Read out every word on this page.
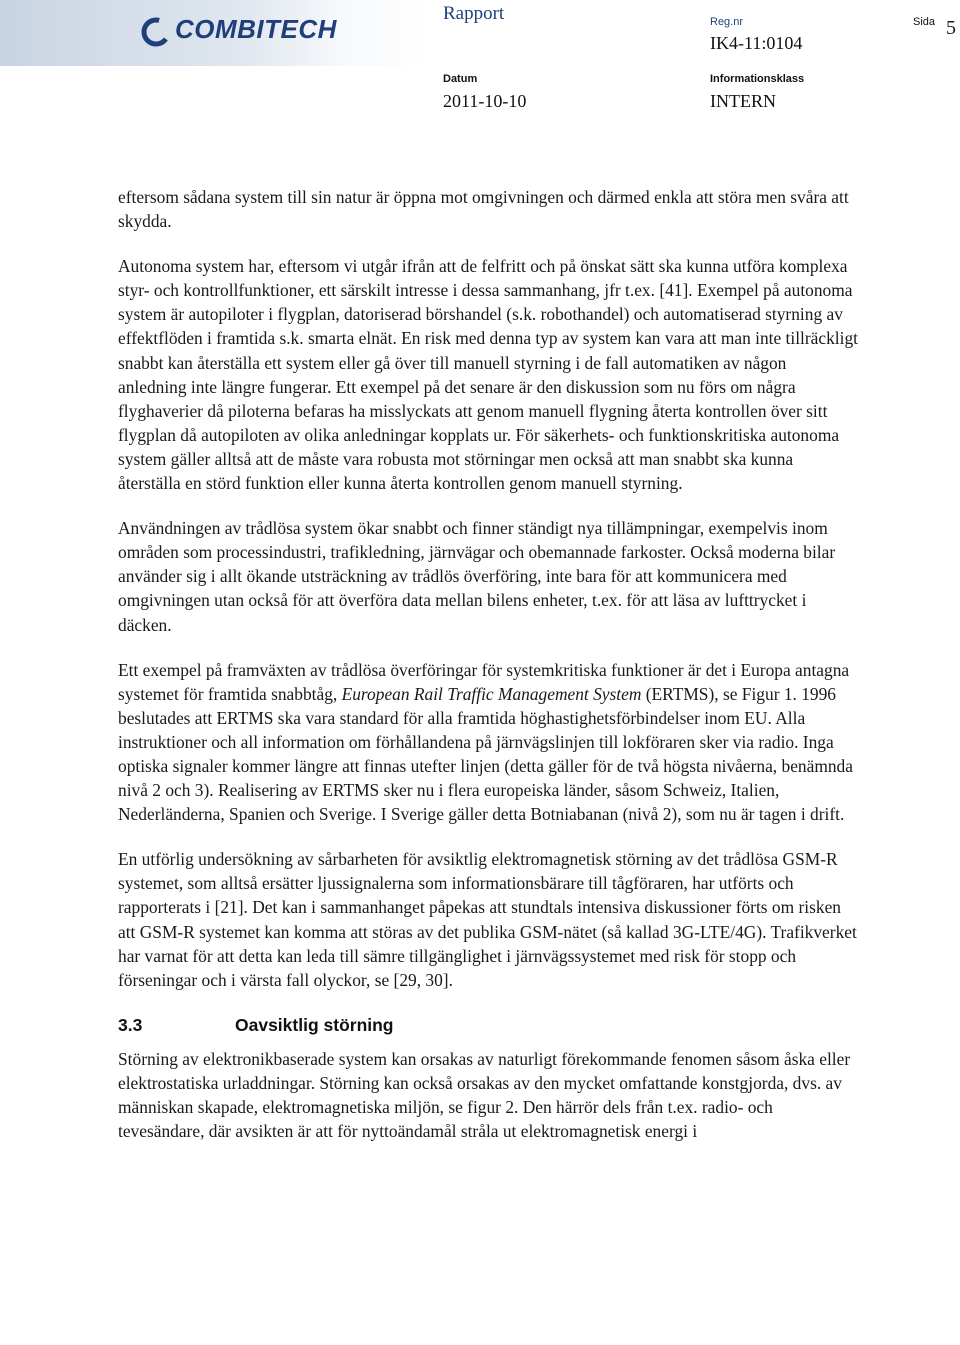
COMBITECH
Rapport	Reg.nr
IK4-11:0104
Sida 5
Datum
2011-10-10
Informationsklass
INTERN

eftersom sådana system till sin natur är öppna mot omgivningen och därmed enkla att störa men svåra att skydda.

Autonoma system har, eftersom vi utgår ifrån att de felfritt och på önskat sätt ska kunna utföra komplexa styr- och kontrollfunktioner, ett särskilt intresse i dessa sammanhang, jfr t.ex. [41]. Exempel på autonoma system är autopiloter i flygplan, datoriserad börshandel (s.k. robothandel) och automatiserad styrning av effektflöden i framtida s.k. smarta elnät. En risk med denna typ av system kan vara att man inte tillräckligt snabbt kan återställa ett system eller gå över till manuell styrning i de fall automatiken av någon anledning inte längre fungerar. Ett exempel på det senare är den diskussion som nu förs om några flyghaverier då piloterna befaras ha misslyckats att genom manuell flygning återta kontrollen över sitt flygplan då autopiloten av olika anledningar kopplats ur. För säkerhets- och funktionskritiska autonoma system gäller alltså att de måste vara robusta mot störningar men också att man snabbt ska kunna återställa en störd funktion eller kunna återta kontrollen genom manuell styrning.

Användningen av trådlösa system ökar snabbt och finner ständigt nya tillämpningar, exempelvis inom områden som processindustri, trafikledning, järnvägar och obemannade farkoster. Också moderna bilar använder sig i allt ökande utsträckning av trådlös överföring, inte bara för att kommunicera med omgivningen utan också för att överföra data mellan bilens enheter, t.ex. för att läsa av lufttrycket i däcken.

Ett exempel på framväxten av trådlösa överföringar för systemkritiska funktioner är det i Europa antagna systemet för framtida snabbtåg, European Rail Traffic Management System (ERTMS), se Figur 1. 1996 beslutades att ERTMS ska vara standard för alla framtida höghastighetsförbindelser inom EU. Alla instruktioner och all information om förhållandena på järnvägslinjen till lokföraren sker via radio. Inga optiska signaler kommer längre att finnas utefter linjen (detta gäller för de två högsta nivåerna, benämnda nivå 2 och 3). Realisering av ERTMS sker nu i flera europeiska länder, såsom Schweiz, Italien, Nederländerna, Spanien och Sverige. I Sverige gäller detta Botniabanan (nivå 2), som nu är tagen i drift.

En utförlig undersökning av sårbarheten för avsiktlig elektromagnetisk störning av det trådlösa GSM-R systemet, som alltså ersätter ljussignalerna som informationsbärare till tågföraren, har utförts och rapporterats i [21]. Det kan i sammanhanget påpekas att stundtals intensiva diskussioner förts om risken att GSM-R systemet kan komma att störas av det publika GSM-nätet (så kallad 3G-LTE/4G). Trafikverket har varnat för att detta kan leda till sämre tillgänglighet i järnvägssystemet med risk för stopp och förseningar och i värsta fall olyckor, se [29, 30].

3.3	Oavsiktlig störning

Störning av elektronikbaserade system kan orsakas av naturligt förekommande fenomen såsom åska eller elektrostatiska urladdningar. Störning kan också orsakas av den mycket omfattande konstgjorda, dvs. av människan skapade, elektromagnetiska miljön, se figur 2. Den härrör dels från t.ex. radio- och tevesändare, där avsikten är att för nyttoändamål stråla ut elektromagnetisk energi i
